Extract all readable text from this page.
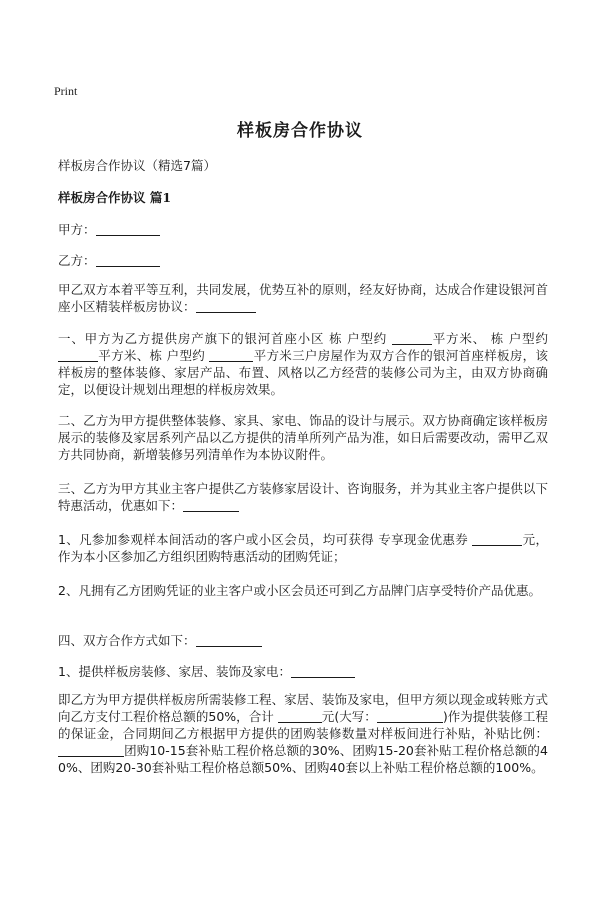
Print
样板房合作协议
样板房合作协议（精选7篇）
样板房合作协议 篇1
甲方：
乙方：
甲乙双方本着平等互利，共同发展，优势互补的原则，经友好协商，达成合作建设银河首座小区精装样板房协议：
一、甲方为乙方提供房产旗下的银河首座小区 栋 户型约	平方米、 栋 户型约 平方米、栋 户型约	平方米三户房屋作为双方合作的银河首座样板房，该样板房的整体装修、家居产品、布置、风格以乙方经营的装修公司为主，由双方协商确定，以便设计规划出理想的样板房效果。
二、乙方为甲方提供整体装修、家具、家电、饰品的设计与展示。双方协商确定该样板房展示的装修及家居系列产品以乙方提供的清单所列产品为准，如日后需要改动，需甲乙双方共同协商，新增装修另列清单作为本协议附件。
三、乙方为甲方其业主客户提供乙方装修家居设计、咨询服务，并为其业主客户提供以下特惠活动，优惠如下：
1、凡参加参观样本间活动的客户或小区会员，均可获得 专享现金优惠券	元，作为本小区参加乙方组织团购特惠活动的团购凭证；
2、凡拥有乙方团购凭证的业主客户或小区会员还可到乙方品牌门店享受特价产品优惠。
四、双方合作方式如下：
1、提供样板房装修、家居、装饰及家电：
即乙方为甲方提供样板房所需装修工程、家居、装饰及家电，但甲方须以现金或转账方式向乙方支付工程价格总额的50%，合计	元(大写：	)作为提供装修工程的保证金，合同期间乙方根据甲方提供的团购装修数量对样板间进行补贴，补贴比例：团购10-15套补贴工程价格总额的30%、团购15-20套补贴工程价格总额的40%、团购20-30套补贴工程价格总额50%、团购40套以上补贴工程价格总额的100%。
